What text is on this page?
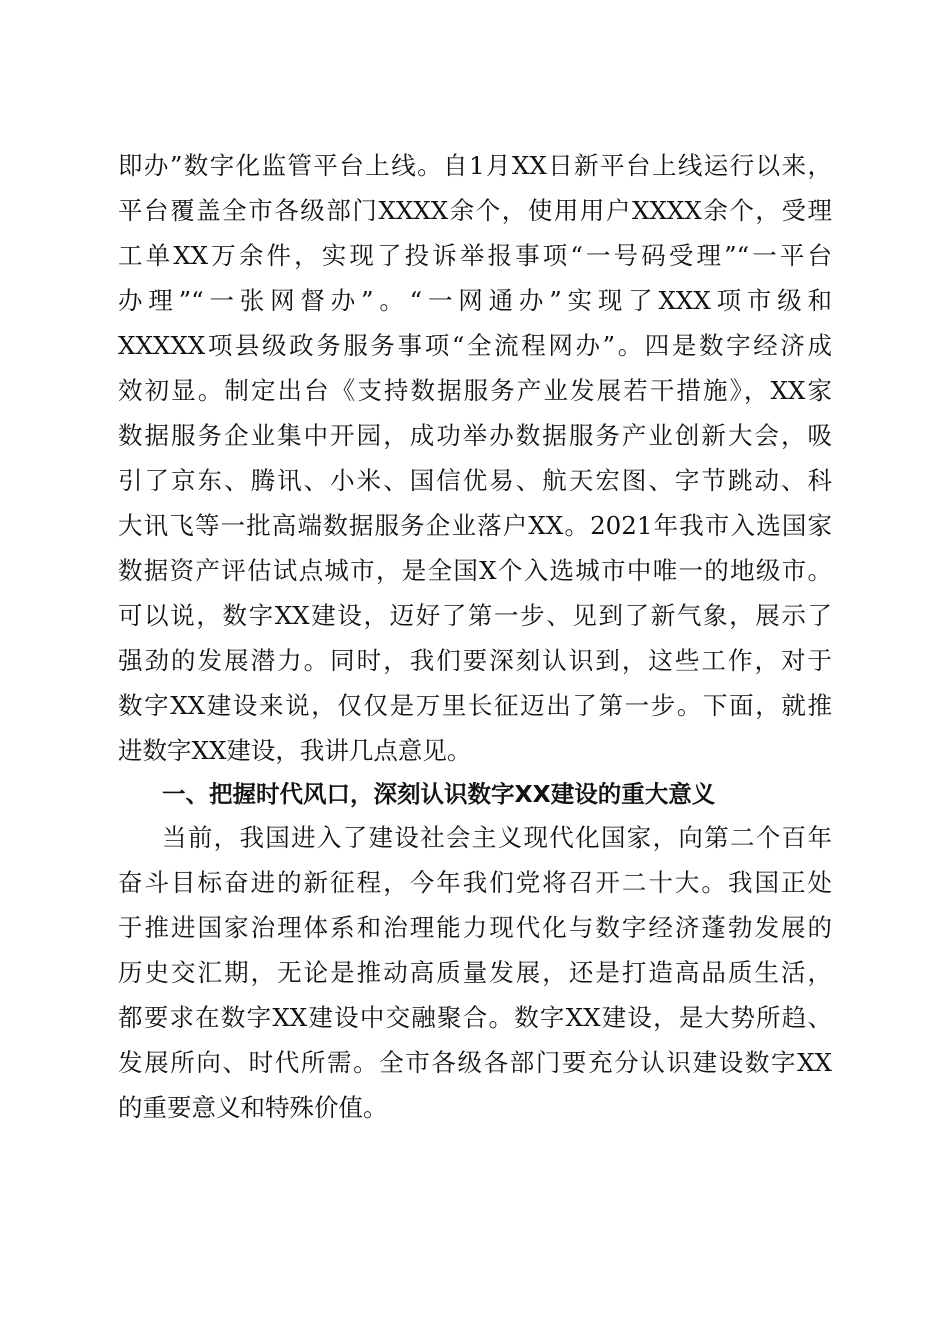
即办”数字化监管平台上线。自1月XX日新平台上线运行以来，
平台覆盖全市各级部门XXXX余个，使用用户XXXX余个，受理
工单XX万余件，实现了投诉举报事项“一号码受理”“一平台
办理”“一张网督办”。“一网通办”实现了XXX项市级和
XXXXX项县级政务服务事项“全流程网办”。四是数字经济成
效初显。制定出台《支持数据服务产业发展若干措施》，XX家
数据服务企业集中开园，成功举办数据服务产业创新大会，吸
引了京东、腾讯、小米、国信优易、航天宏图、字节跳动、科
大讯飞等一批高端数据服务企业落户XX。2021年我市入选国家
数据资产评估试点城市，是全国X个入选城市中唯一的地级市。
可以说，数字XX建设，迈好了第一步、见到了新气象，展示了
强劲的发展潜力。同时，我们要深刻认识到，这些工作，对于
数字XX建设来说，仅仅是万里长征迈出了第一步。下面，就推
进数字XX建设，我讲几点意见。
一、把握时代风口，深刻认识数字XX建设的重大意义
当前，我国进入了建设社会主义现代化国家，向第二个百年
奋斗目标奋进的新征程，今年我们党将召开二十大。我国正处
于推进国家治理体系和治理能力现代化与数字经济蓬勃发展的
历史交汇期，无论是推动高质量发展，还是打造高品质生活，
都要求在数字XX建设中交融聚合。数字XX建设，是大势所趋、
发展所向、时代所需。全市各级各部门要充分认识建设数字XX
的重要意义和特殊价值。
